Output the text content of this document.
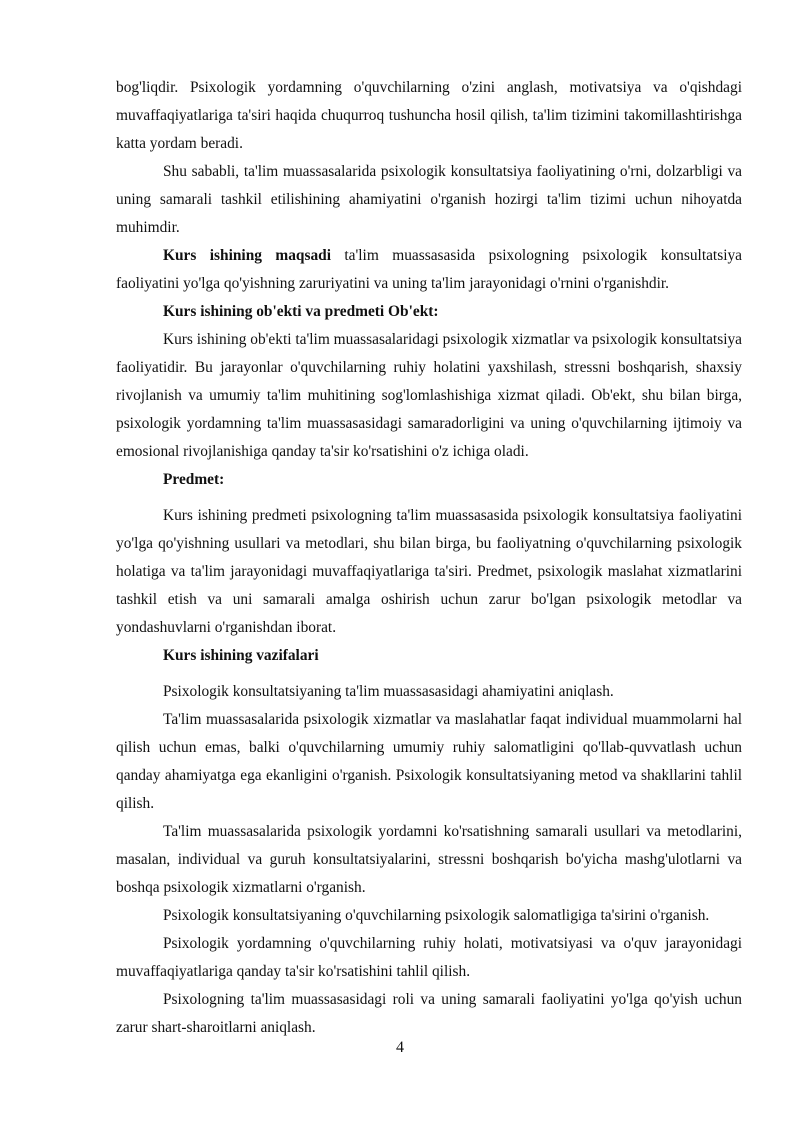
bog'liqdir. Psixologik yordamning o'quvchilarning o'zini anglash, motivatsiya va o'qishdagi muvaffaqiyatlariga ta'siri haqida chuqurroq tushuncha hosil qilish, ta'lim tizimini takomillashtirishga katta yordam beradi.

Shu sababli, ta'lim muassasalarida psixologik konsultatsiya faoliyatining o'rni, dolzarbligi va uning samarali tashkil etilishining ahamiyatini o'rganish hozirgi ta'lim tizimi uchun nihoyatda muhimdir.

Kurs ishining maqsadi ta'lim muassasasida psixologning psixologik konsultatsiya faoliyatini yo'lga qo'yishning zaruriyatini va uning ta'lim jarayonidagi o'rnini o'rganishdir.

Kurs ishining ob'ekti va predmeti Ob'ekt:

Kurs ishining ob'ekti ta'lim muassasalaridagi psixologik xizmatlar va psixologik konsultatsiya faoliyatidir. Bu jarayonlar o'quvchilarning ruhiy holatini yaxshilash, stressni boshqarish, shaxsiy rivojlanish va umumiy ta'lim muhitining sog'lomlashishiga xizmat qiladi. Ob'ekt, shu bilan birga, psixologik yordamning ta'lim muassasasidagi samaradorligini va uning o'quvchilarning ijtimoiy va emosional rivojlanishiga qanday ta'sir ko'rsatishini o'z ichiga oladi.

Predmet:

Kurs ishining predmeti psixologning ta'lim muassasasida psixologik konsultatsiya faoliyatini yo'lga qo'yishning usullari va metodlari, shu bilan birga, bu faoliyatning o'quvchilarning psixologik holatiga va ta'lim jarayonidagi muvaffaqiyatlariga ta'siri. Predmet, psixologik maslahat xizmatlarini tashkil etish va uni samarali amalga oshirish uchun zarur bo'lgan psixologik metodlar va yondashuvlarni o'rganishdan iborat.

Kurs ishining vazifalari

Psixologik konsultatsiyaning ta'lim muassasasidagi ahamiyatini aniqlash.

Ta'lim muassasalarida psixologik xizmatlar va maslahatlar faqat individual muammolarni hal qilish uchun emas, balki o'quvchilarning umumiy ruhiy salomatligini qo'llab-quvvatlash uchun qanday ahamiyatga ega ekanligini o'rganish. Psixologik konsultatsiyaning metod va shakllarini tahlil qilish.

Ta'lim muassasalarida psixologik yordamni ko'rsatishning samarali usullari va metodlarini, masalan, individual va guruh konsultatsiyalarini, stressni boshqarish bo'yicha mashg'ulotlarni va boshqa psixologik xizmatlarni o'rganish.

Psixologik konsultatsiyaning o'quvchilarning psixologik salomatligiga ta'sirini o'rganish.

Psixologik yordamning o'quvchilarning ruhiy holati, motivatsiyasi va o'quv jarayonidagi muvaffaqiyatlariga qanday ta'sir ko'rsatishini tahlil qilish.

Psixologning ta'lim muassasasidagi roli va uning samarali faoliyatini yo'lga qo'yish uchun zarur shart-sharoitlarni aniqlash.

4
